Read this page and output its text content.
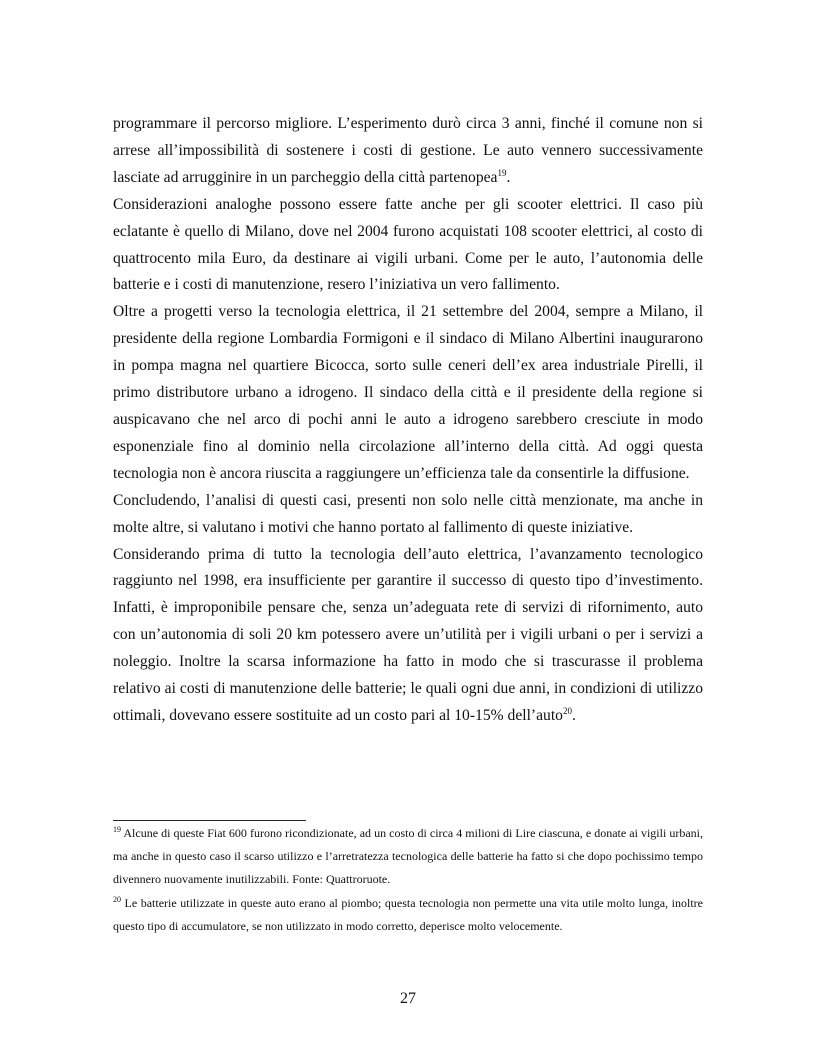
programmare il percorso migliore. L’esperimento durò circa 3 anni, finché il comune non si arrese all’impossibilità di sostenere i costi di gestione. Le auto vennero successivamente lasciate ad arrugginire in un parcheggio della città partenopea$^{19}$.

Considerazioni analoghe possono essere fatte anche per gli scooter elettrici. Il caso più eclatante è quello di Milano, dove nel 2004 furono acquistati 108 scooter elettrici, al costo di quattrocento mila Euro, da destinare ai vigili urbani. Come per le auto, l’autonomia delle batterie e i costi di manutenzione, resero l’iniziativa un vero fallimento.

Oltre a progetti verso la tecnologia elettrica, il 21 settembre del 2004, sempre a Milano, il presidente della regione Lombardia Formigoni e il sindaco di Milano Albertini inaugurarono in pompa magna nel quartiere Bicocca, sorto sulle ceneri dell’ex area industriale Pirelli, il primo distributore urbano a idrogeno. Il sindaco della città e il presidente della regione si auspicavano che nel arco di pochi anni le auto a idrogeno sarebbero cresciute in modo esponenziale fino al dominio nella circolazione all’interno della città. Ad oggi questa tecnologia non è ancora riuscita a raggiungere un’efficienza tale da consentirle la diffusione.

Concludendo, l’analisi di questi casi, presenti non solo nelle città menzionate, ma anche in molte altre, si valutano i motivi che hanno portato al fallimento di queste iniziative.

Considerando prima di tutto la tecnologia dell’auto elettrica, l’avanzamento tecnologico raggiunto nel 1998, era insufficiente per garantire il successo di questo tipo d’investimento. Infatti, è improponibile pensare che, senza un’adeguata rete di servizi di rifornimento, auto con un’autonomia di soli 20 km potessero avere un’utilità per i vigili urbani o per i servizi a noleggio. Inoltre la scarsa informazione ha fatto in modo che si trascurasse il problema relativo ai costi di manutenzione delle batterie; le quali ogni due anni, in condizioni di utilizzo ottimali, dovevano essere sostituite ad un costo pari al 10-15% dell’auto$^{20}$.

$^{19}$ Alcune di queste Fiat 600 furono ricondizionate, ad un costo di circa 4 milioni di Lire ciascuna, e donate ai vigili urbani, ma anche in questo caso il scarso utilizzo e l’arretratezza tecnologica delle batterie ha fatto si che dopo pochissimo tempo divennero nuovamente inutilizzabili. Fonte: Quattroruote.

$^{20}$ Le batterie utilizzate in queste auto erano al piombo; questa tecnologia non permette una vita utile molto lunga, inoltre questo tipo di accumulatore, se non utilizzato in modo corretto, deperisce molto velocemente.

27
